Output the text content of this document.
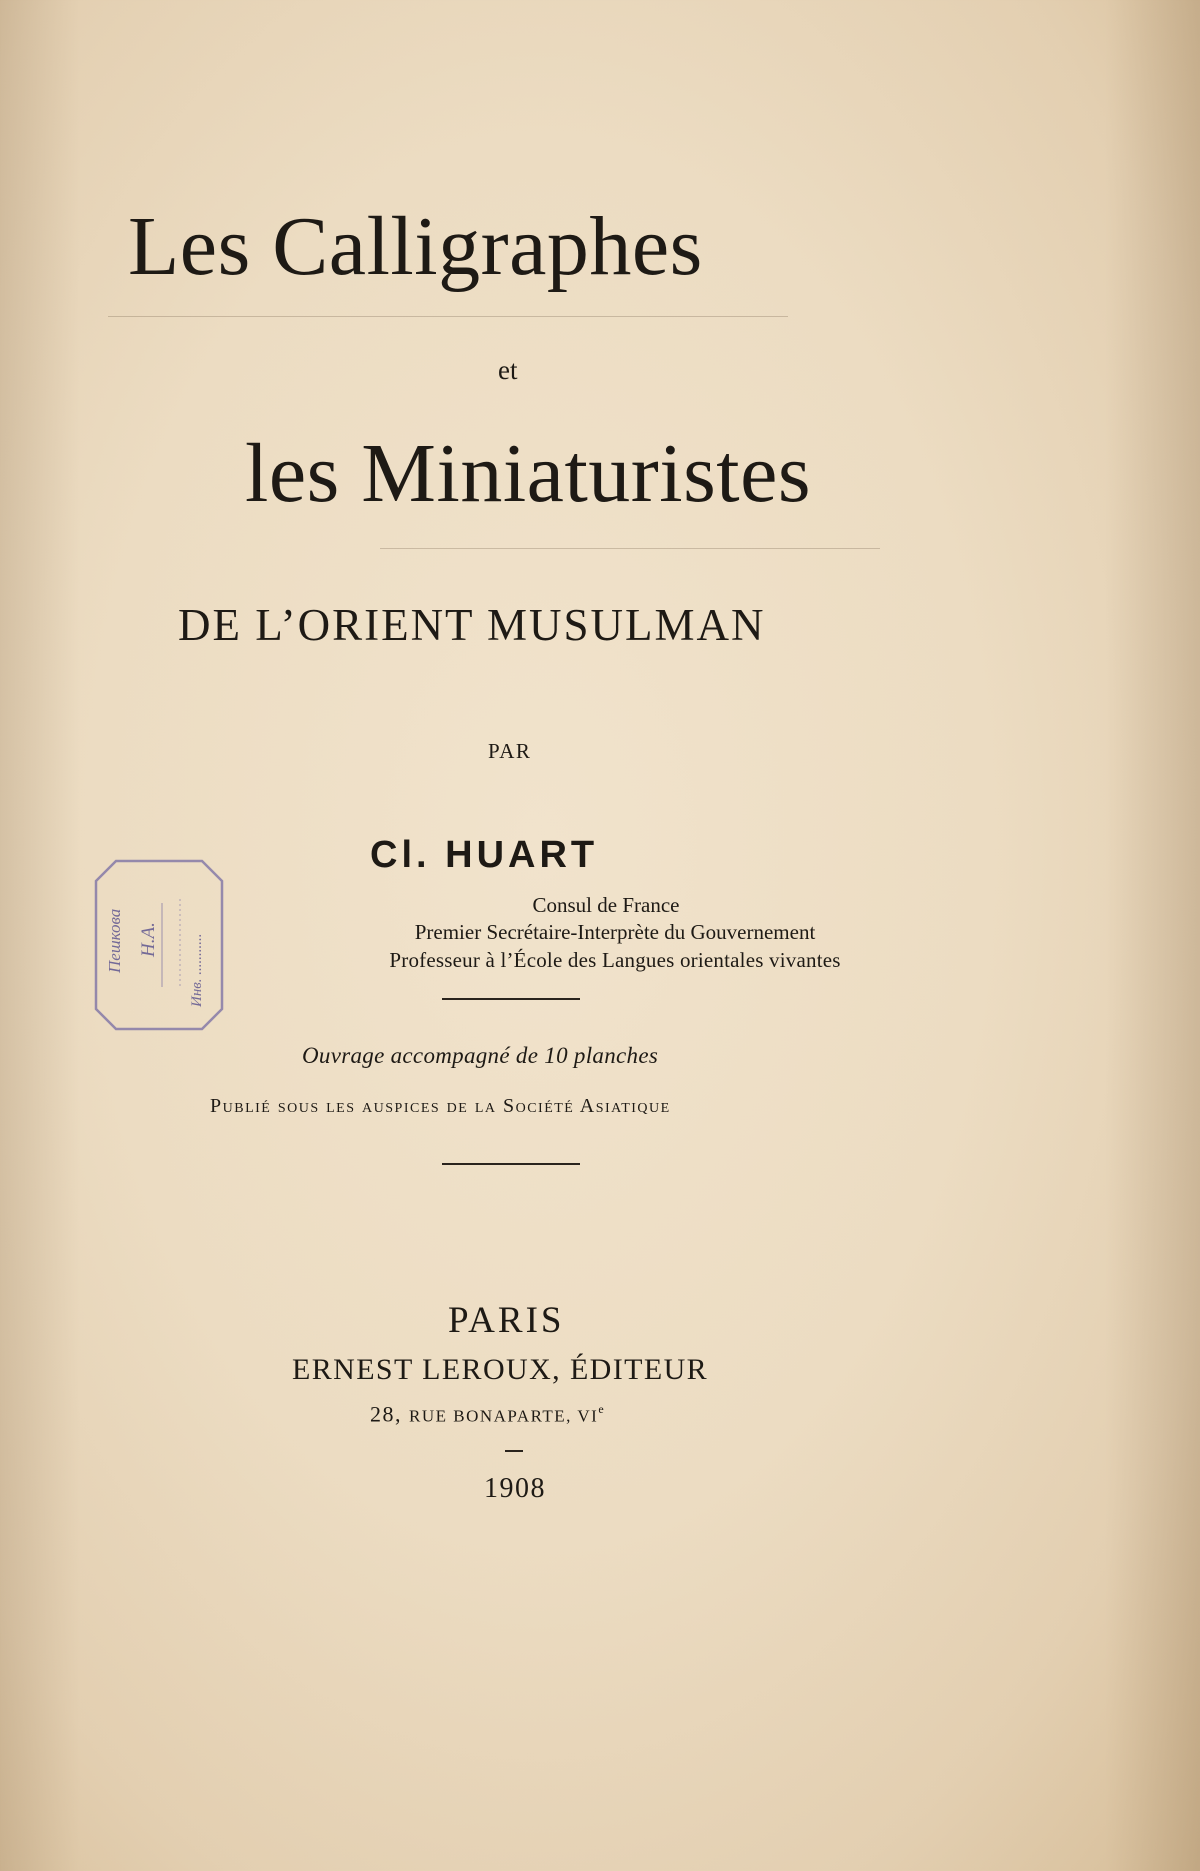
Les Calligraphes
et
les Miniaturistes
DE L’ORIENT MUSULMAN
PAR
Cl. HUART
Consul de France
Premier Secrétaire-Interprète du Gouvernement
Professeur à l’École des Langues orientales vivantes
Ouvrage accompagné de 10 planches
Publié sous les auspices de la Société Asiatique
PARIS
ERNEST LEROUX, ÉDITEUR
28, RUE BONAPARTE, VIe
1908
Пешкова Н.А. Инв. ...........
